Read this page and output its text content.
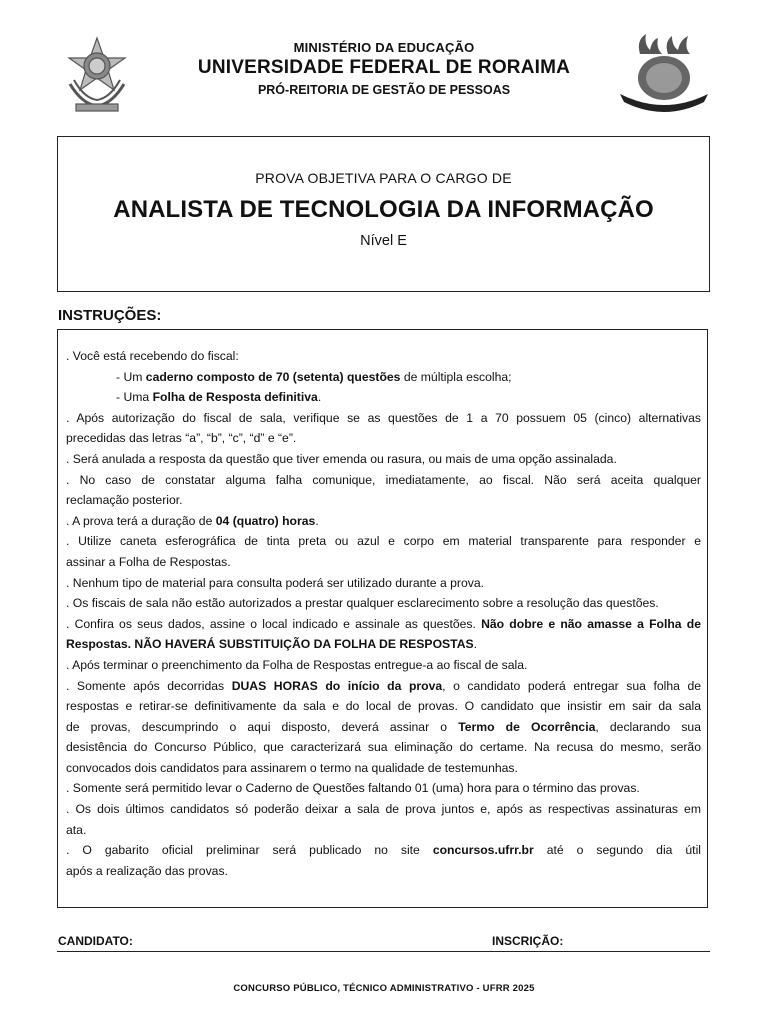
MINISTÉRIO DA EDUCAÇÃO
UNIVERSIDADE FEDERAL DE RORAIMA
PRÓ-REITORIA DE GESTÃO DE PESSOAS
PROVA OBJETIVA PARA O CARGO DE
ANALISTA DE TECNOLOGIA DA INFORMAÇÃO
Nível E
INSTRUÇÕES:
. Você está recebendo do fiscal:
- Um caderno composto de 70 (setenta) questões de múltipla escolha;
- Uma Folha de Resposta definitiva.
. Após autorização do fiscal de sala, verifique se as questões de 1 a 70 possuem 05 (cinco) alternativas
precedidas das letras “a”, “b”, “c”, “d” e “e”.
. Será anulada a resposta da questão que tiver emenda ou rasura, ou mais de uma opção assinalada.
. No caso de constatar alguma falha comunique, imediatamente, ao fiscal. Não será aceita qualquer
reclamação posterior.
. A prova terá a duração de 04 (quatro) horas.
. Utilize caneta esferográfica de tinta preta ou azul e corpo em material transparente para responder e
assinar a Folha de Respostas.
. Nenhum tipo de material para consulta poderá ser utilizado durante a prova.
. Os fiscais de sala não estão autorizados a prestar qualquer esclarecimento sobre a resolução das questões.
. Confira os seus dados, assine o local indicado e assinale as questões. Não dobre e não amasse a Folha de
Respostas. NÃO HAVERÁ SUBSTITUIÇÃO DA FOLHA DE RESPOSTAS.
. Após terminar o preenchimento da Folha de Respostas entregue-a ao fiscal de sala.
. Somente após decorridas DUAS HORAS do início da prova, o candidato poderá entregar sua folha de
respostas e retirar-se definitivamente da sala e do local de provas. O candidato que insistir em sair da sala
de provas, descumprindo o aqui disposto, deverá assinar o Termo de Ocorrência, declarando sua
desistência do Concurso Público, que caracterizará sua eliminação do certame. Na recusa do mesmo, serão
convocados dois candidatos para assinarem o termo na qualidade de testemunhas.
. Somente será permitido levar o Caderno de Questões faltando 01 (uma) hora para o término das provas.
. Os dois últimos candidatos só poderão deixar a sala de prova juntos e, após as respectivas assinaturas em
ata.
. O gabarito oficial preliminar será publicado no site concursos.ufrr.br até o segundo dia útil
após a realização das provas.
CANDIDATO:	INSCRIÇÃO:
CONCURSO PÚBLICO, TÉCNICO ADMINISTRATIVO - UFRR 2025
